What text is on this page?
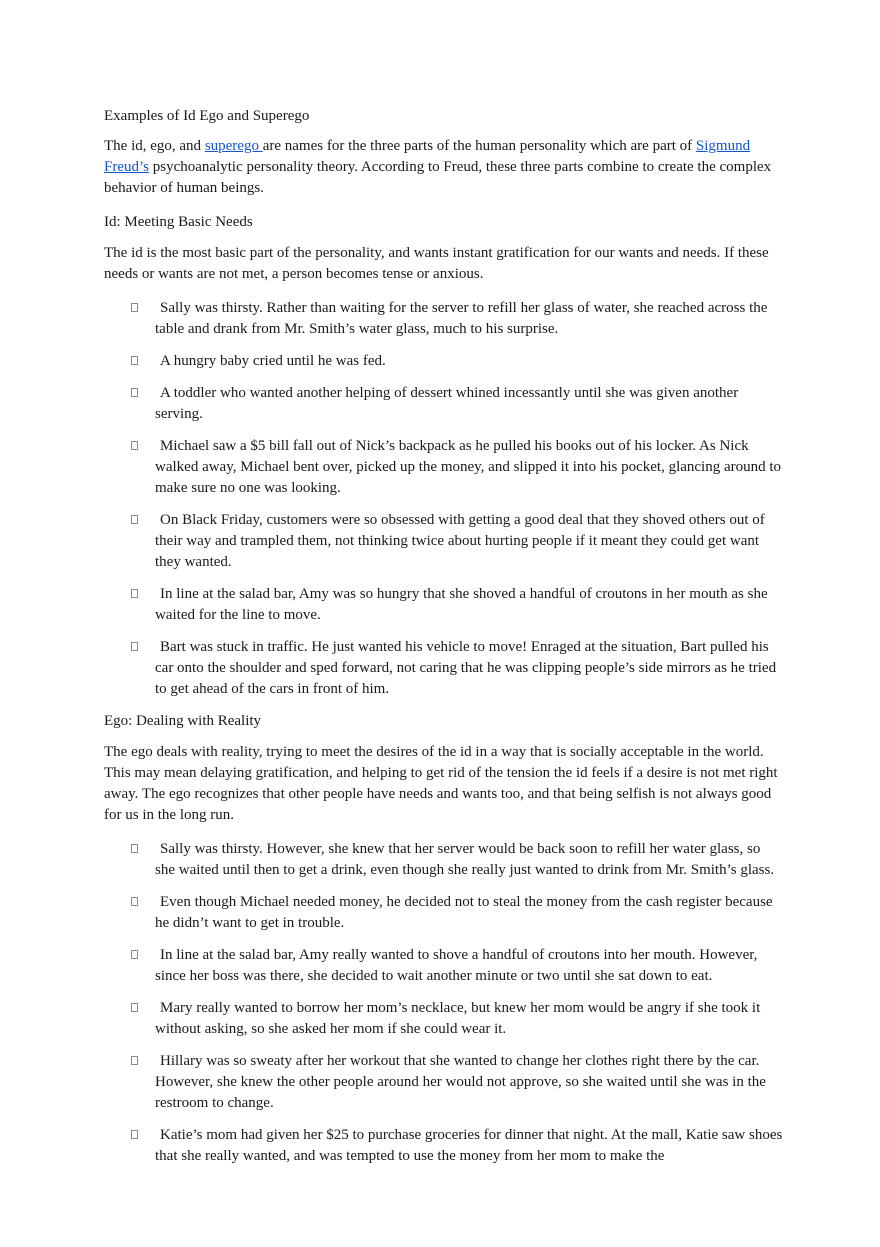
Examples of Id Ego and Superego

The id, ego, and superego are names for the three parts of the human personality which are part of Sigmund Freud’s psychoanalytic personality theory. According to Freud, these three parts combine to create the complex behavior of human beings.

Id: Meeting Basic Needs

The id is the most basic part of the personality, and wants instant gratification for our wants and needs. If these needs or wants are not met, a person becomes tense or anxious.

Sally was thirsty. Rather than waiting for the server to refill her glass of water, she reached across the table and drank from Mr. Smith’s water glass, much to his surprise.
A hungry baby cried until he was fed.
A toddler who wanted another helping of dessert whined incessantly until she was given another serving.
Michael saw a $5 bill fall out of Nick’s backpack as he pulled his books out of his locker. As Nick walked away, Michael bent over, picked up the money, and slipped it into his pocket, glancing around to make sure no one was looking.
On Black Friday, customers were so obsessed with getting a good deal that they shoved others out of their way and trampled them, not thinking twice about hurting people if it meant they could get want they wanted.
In line at the salad bar, Amy was so hungry that she shoved a handful of croutons in her mouth as she waited for the line to move.
Bart was stuck in traffic. He just wanted his vehicle to move! Enraged at the situation, Bart pulled his car onto the shoulder and sped forward, not caring that he was clipping people’s side mirrors as he tried to get ahead of the cars in front of him.
Ego: Dealing with Reality

The ego deals with reality, trying to meet the desires of the id in a way that is socially acceptable in the world. This may mean delaying gratification, and helping to get rid of the tension the id feels if a desire is not met right away. The ego recognizes that other people have needs and wants too, and that being selfish is not always good for us in the long run.

Sally was thirsty. However, she knew that her server would be back soon to refill her water glass, so she waited until then to get a drink, even though she really just wanted to drink from Mr. Smith’s glass.
Even though Michael needed money, he decided not to steal the money from the cash register because he didn’t want to get in trouble.
In line at the salad bar, Amy really wanted to shove a handful of croutons into her mouth. However, since her boss was there, she decided to wait another minute or two until she sat down to eat.
Mary really wanted to borrow her mom’s necklace, but knew her mom would be angry if she took it without asking, so she asked her mom if she could wear it.
Hillary was so sweaty after her workout that she wanted to change her clothes right there by the car. However, she knew the other people around her would not approve, so she waited until she was in the restroom to change.
Katie’s mom had given her $25 to purchase groceries for dinner that night. At the mall, Katie saw shoes that she really wanted, and was tempted to use the money from her mom to make the
